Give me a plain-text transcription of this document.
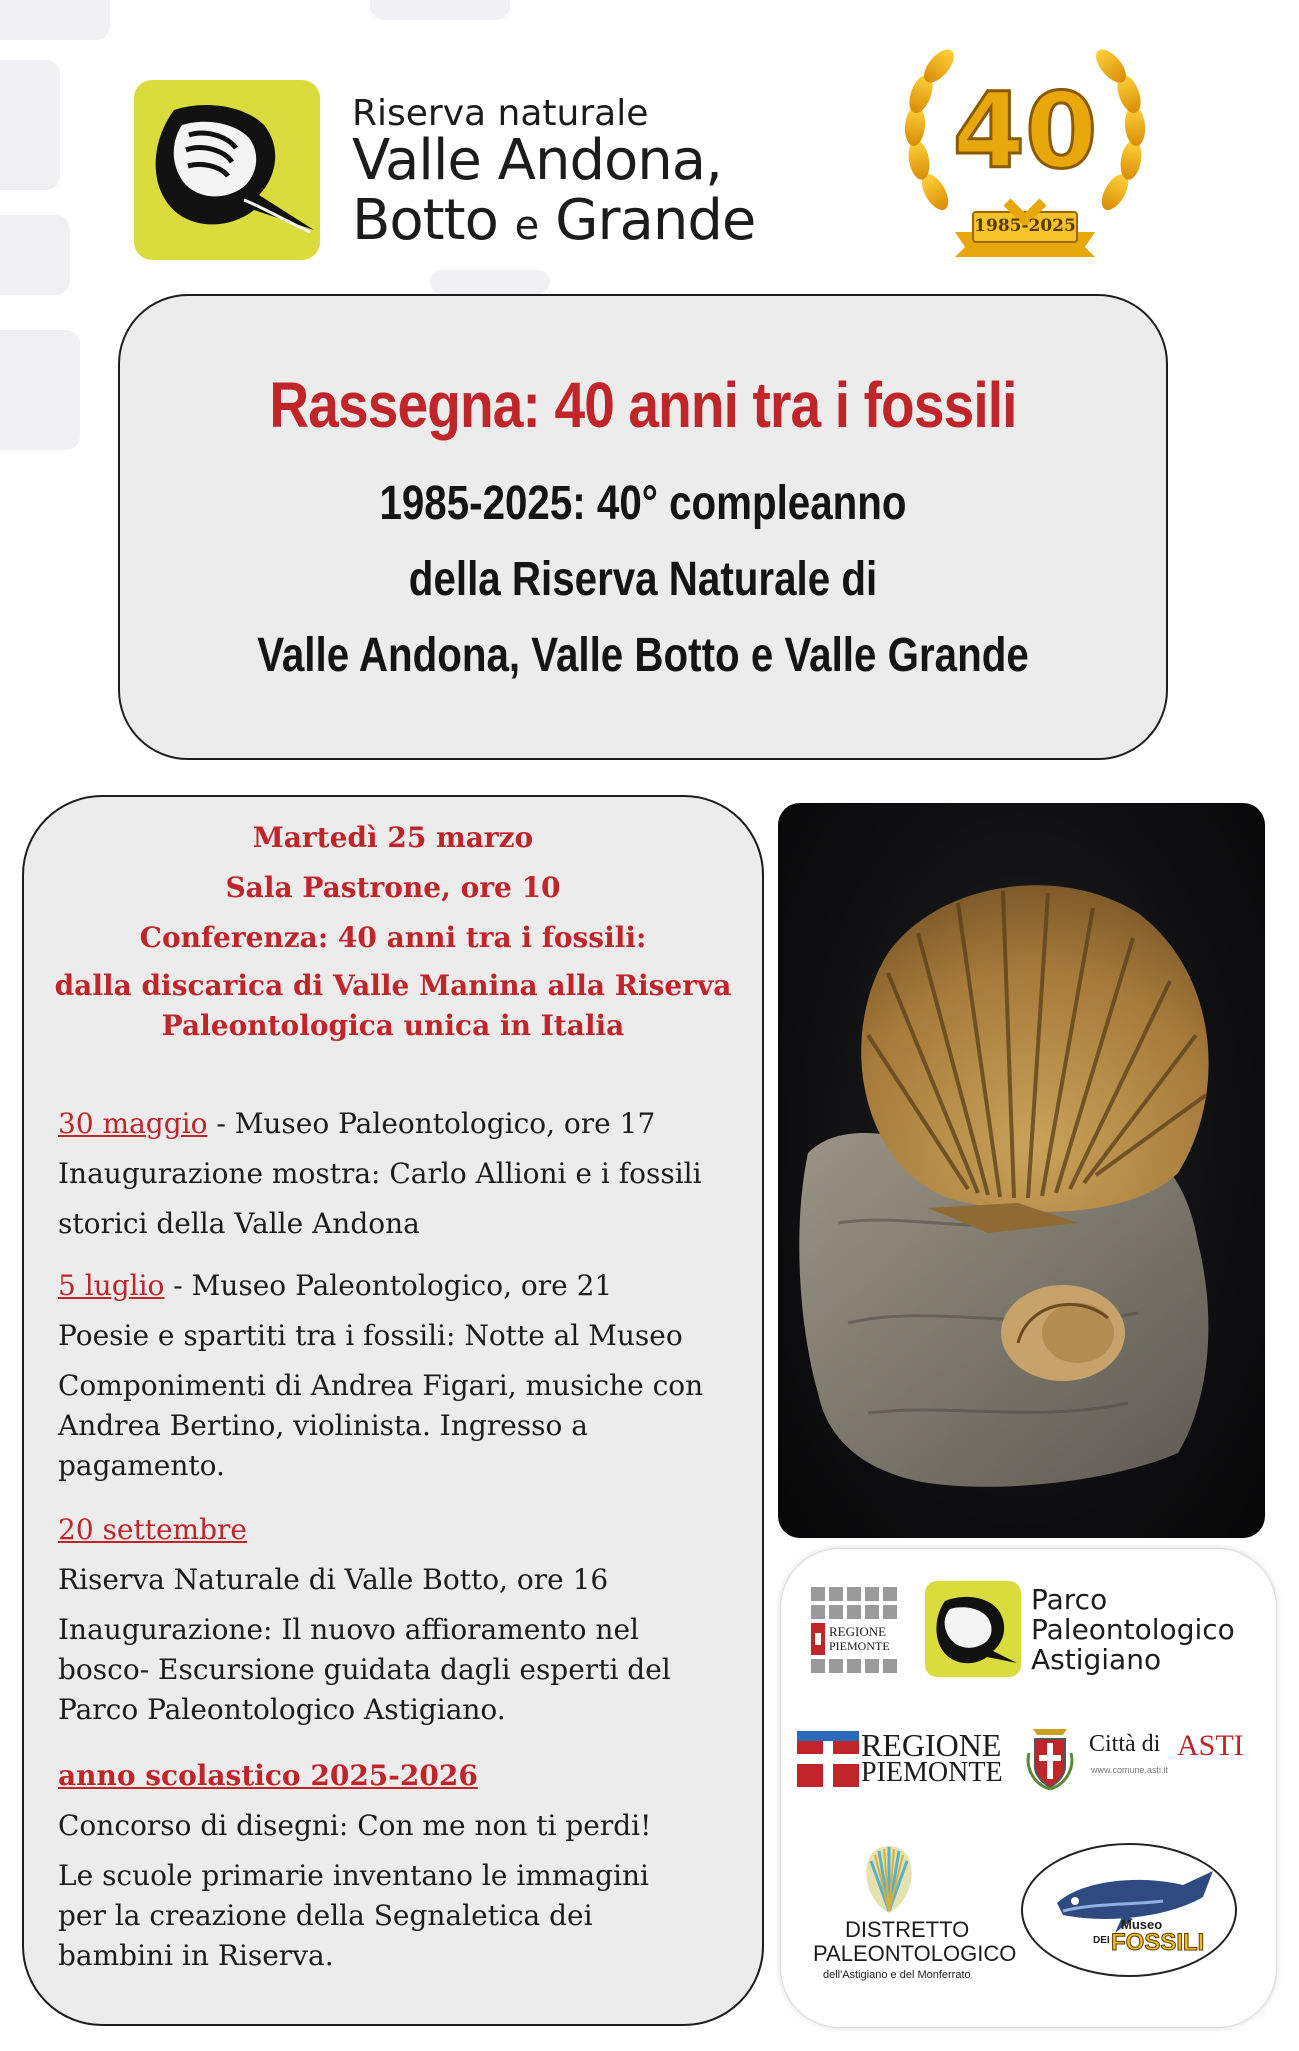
Riserva naturale
Valle Andona,
Botto e Grande
40
1985-2025
Rassegna: 40 anni tra i fossili
1985-2025: 40° compleanno
della Riserva Naturale di
Valle Andona, Valle Botto e Valle Grande
Martedì 25 marzo
Sala Pastrone, ore 10
Conferenza: 40 anni tra i fossili:
dalla discarica di Valle Manina alla Riserva
Paleontologica unica in Italia
30 maggio - Museo Paleontologico, ore 17
Inaugurazione mostra: Carlo Allioni e i fossili
storici della Valle Andona
5 luglio - Museo Paleontologico, ore 21
Poesie e spartiti tra i fossili: Notte al Museo
Componimenti di Andrea Figari, musiche con
Andrea Bertino, violinista. Ingresso a
pagamento.
20 settembre
Riserva Naturale di Valle Botto, ore 16
Inaugurazione: Il nuovo affioramento nel
bosco- Escursione guidata dagli esperti del
Parco Paleontologico Astigiano.
anno scolastico 2025-2026
Concorso di disegni: Con me non ti perdi!
Le scuole primarie inventano le immagini
per la creazione della Segnaletica dei
bambini in Riserva.
REGIONE
PIEMONTE
Parco
Paleontologico
Astigiano
REGIONE
PIEMONTE
Città di ASTI
www.comune.asti.it
DISTRETTO
PALEONTOLOGICO
dell'Astigiano e del Monferrato
Museo
DEI FOSSILI
